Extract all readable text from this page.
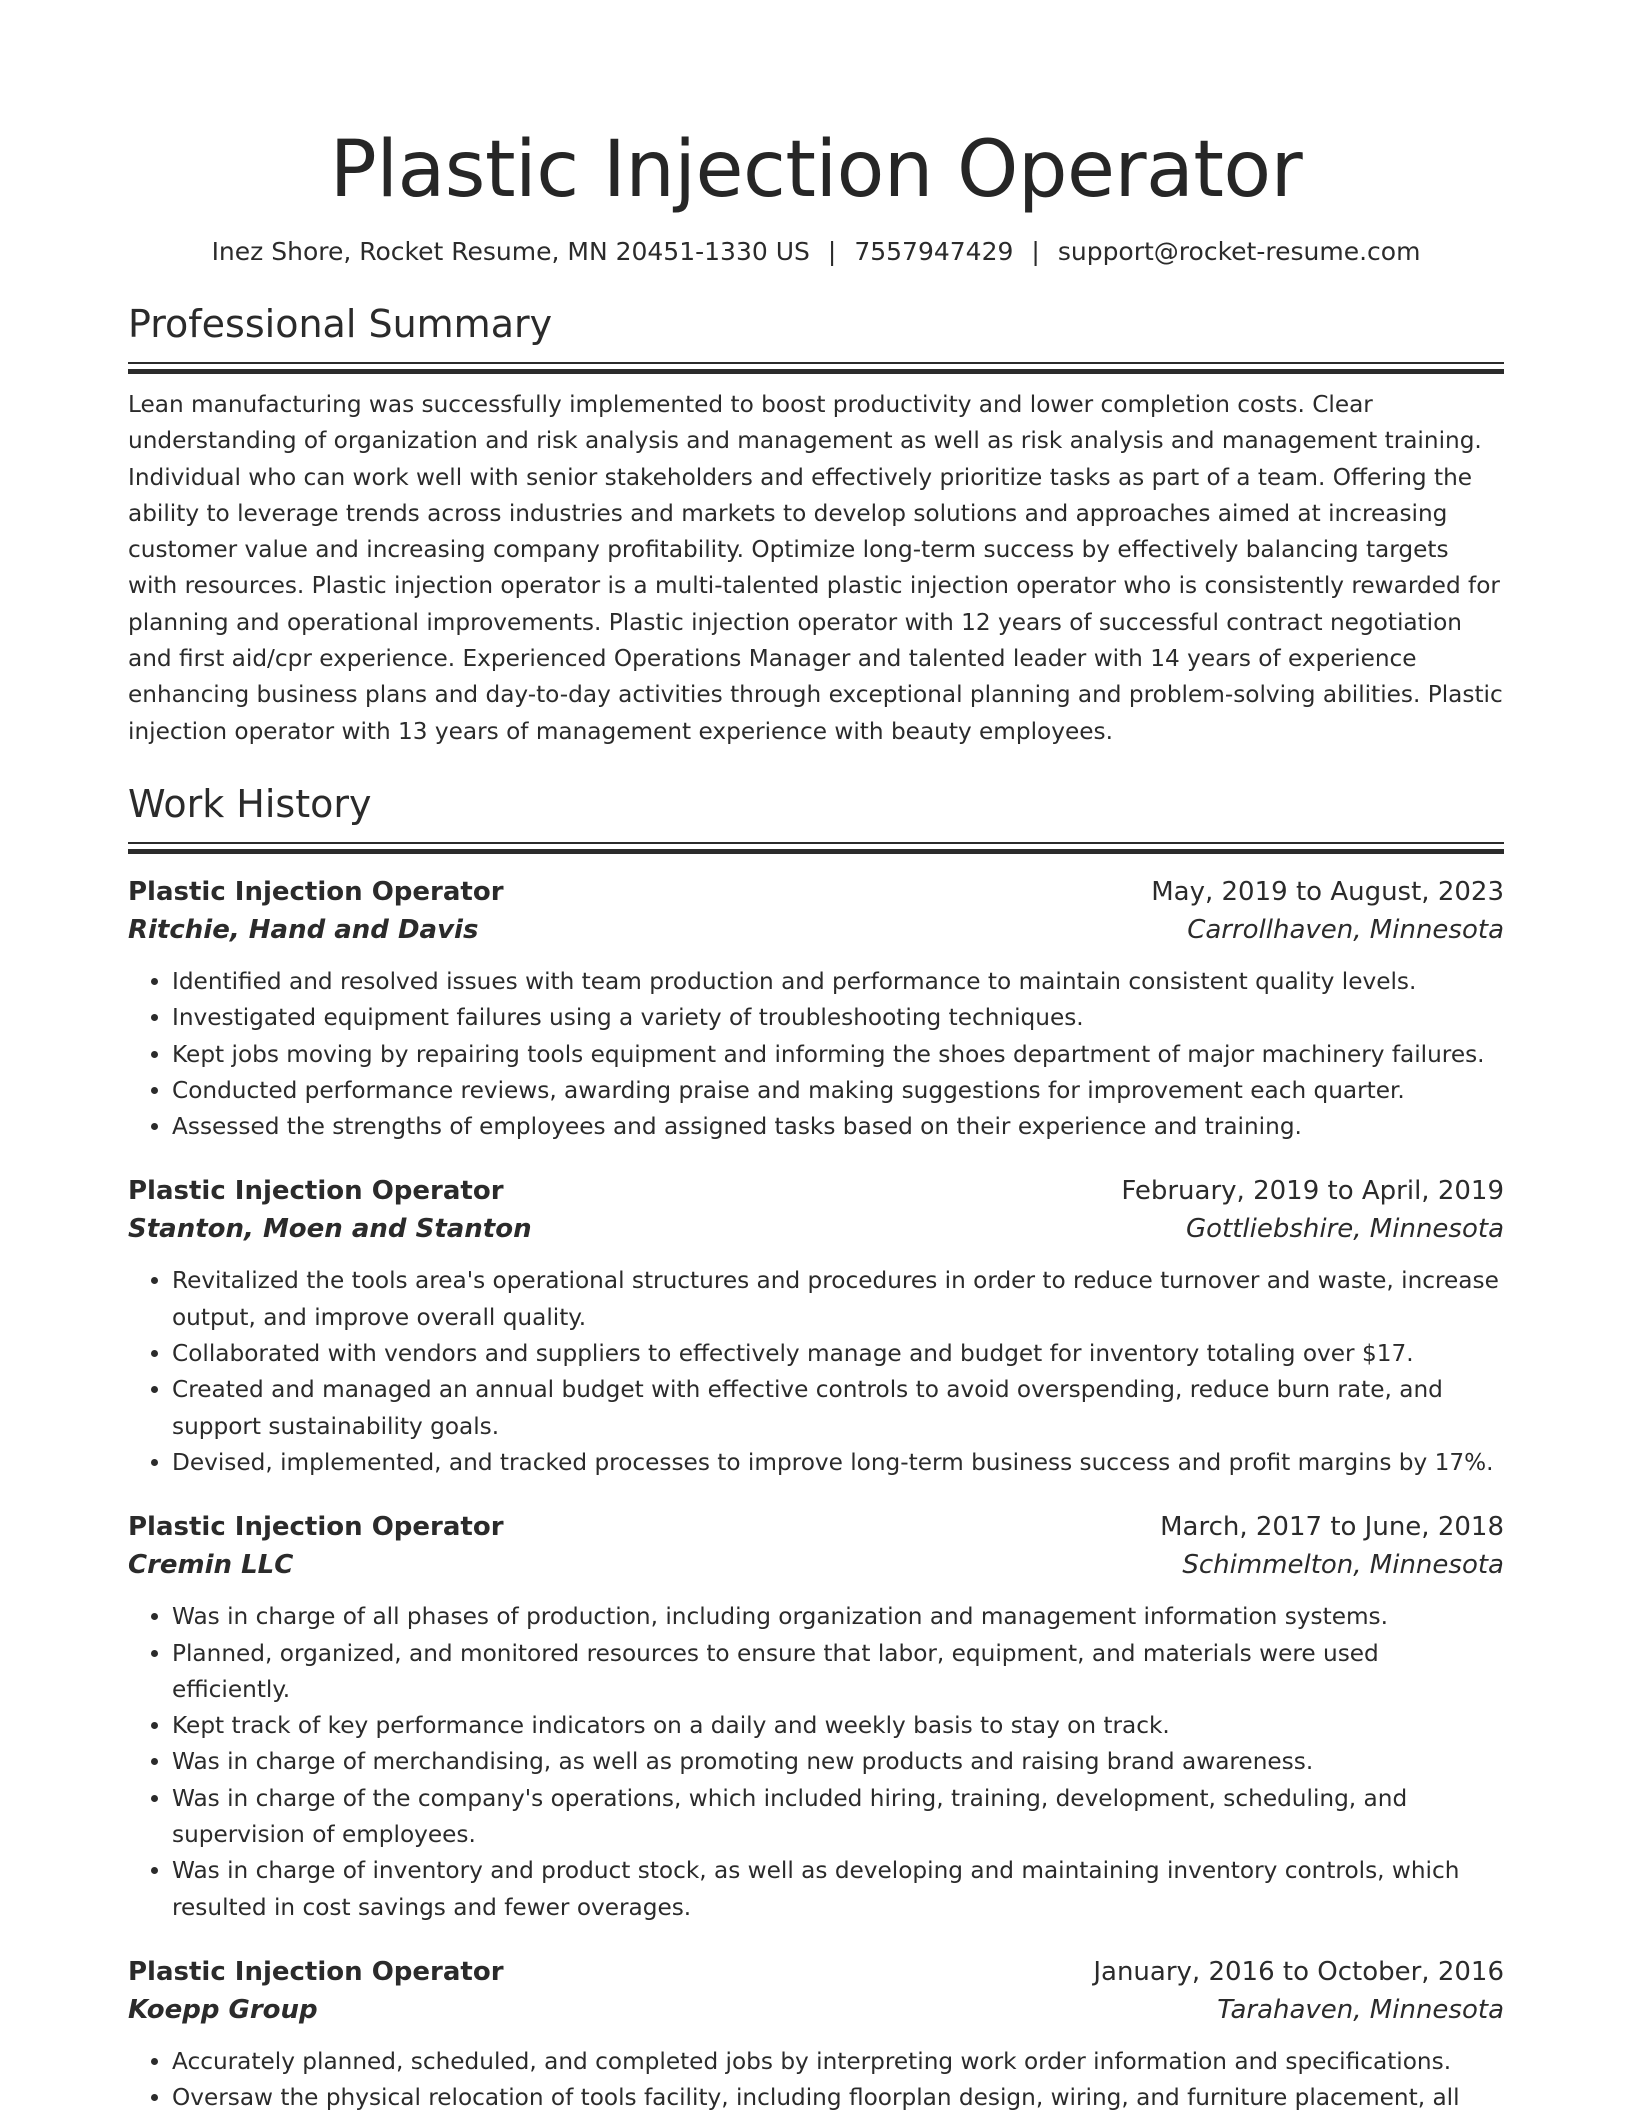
Plastic Injection Operator
Inez Shore, Rocket Resume, MN 20451-1330 US | 7557947429 | support@rocket-resume.com
Professional Summary

Lean manufacturing was successfully implemented to boost productivity and lower completion costs. Clear understanding of organization and risk analysis and management as well as risk analysis and management training. Individual who can work well with senior stakeholders and effectively prioritize tasks as part of a team. Offering the ability to leverage trends across industries and markets to develop solutions and approaches aimed at increasing customer value and increasing company profitability. Optimize long-term success by effectively balancing targets with resources. Plastic injection operator is a multi-talented plastic injection operator who is consistently rewarded for planning and operational improvements. Plastic injection operator with 12 years of successful contract negotiation and first aid/cpr experience. Experienced Operations Manager and talented leader with 14 years of experience enhancing business plans and day-to-day activities through exceptional planning and problem-solving abilities. Plastic injection operator with 13 years of management experience with beauty employees.

Work History
Plastic Injection Operator	May, 2019 to August, 2023
Ritchie, Hand and Davis	Carrollhaven, Minnesota
• Identified and resolved issues with team production and performance to maintain consistent quality levels.
• Investigated equipment failures using a variety of troubleshooting techniques.
• Kept jobs moving by repairing tools equipment and informing the shoes department of major machinery failures.
• Conducted performance reviews, awarding praise and making suggestions for improvement each quarter.
• Assessed the strengths of employees and assigned tasks based on their experience and training.
Plastic Injection Operator	February, 2019 to April, 2019
Stanton, Moen and Stanton	Gottliebshire, Minnesota
• Revitalized the tools area's operational structures and procedures in order to reduce turnover and waste, increase output, and improve overall quality.
• Collaborated with vendors and suppliers to effectively manage and budget for inventory totaling over $17.
• Created and managed an annual budget with effective controls to avoid overspending, reduce burn rate, and support sustainability goals.
• Devised, implemented, and tracked processes to improve long-term business success and profit margins by 17%.
Plastic Injection Operator	March, 2017 to June, 2018
Cremin LLC	Schimmelton, Minnesota
• Was in charge of all phases of production, including organization and management information systems.
• Planned, organized, and monitored resources to ensure that labor, equipment, and materials were used efficiently.
• Kept track of key performance indicators on a daily and weekly basis to stay on track.
• Was in charge of merchandising, as well as promoting new products and raising brand awareness.
• Was in charge of the company's operations, which included hiring, training, development, scheduling, and supervision of employees.
• Was in charge of inventory and product stock, as well as developing and maintaining inventory controls, which resulted in cost savings and fewer overages.
Plastic Injection Operator	January, 2016 to October, 2016
Koepp Group	Tarahaven, Minnesota
• Accurately planned, scheduled, and completed jobs by interpreting work order information and specifications.
• Oversaw the physical relocation of tools facility, including floorplan design, wiring, and furniture placement, all
